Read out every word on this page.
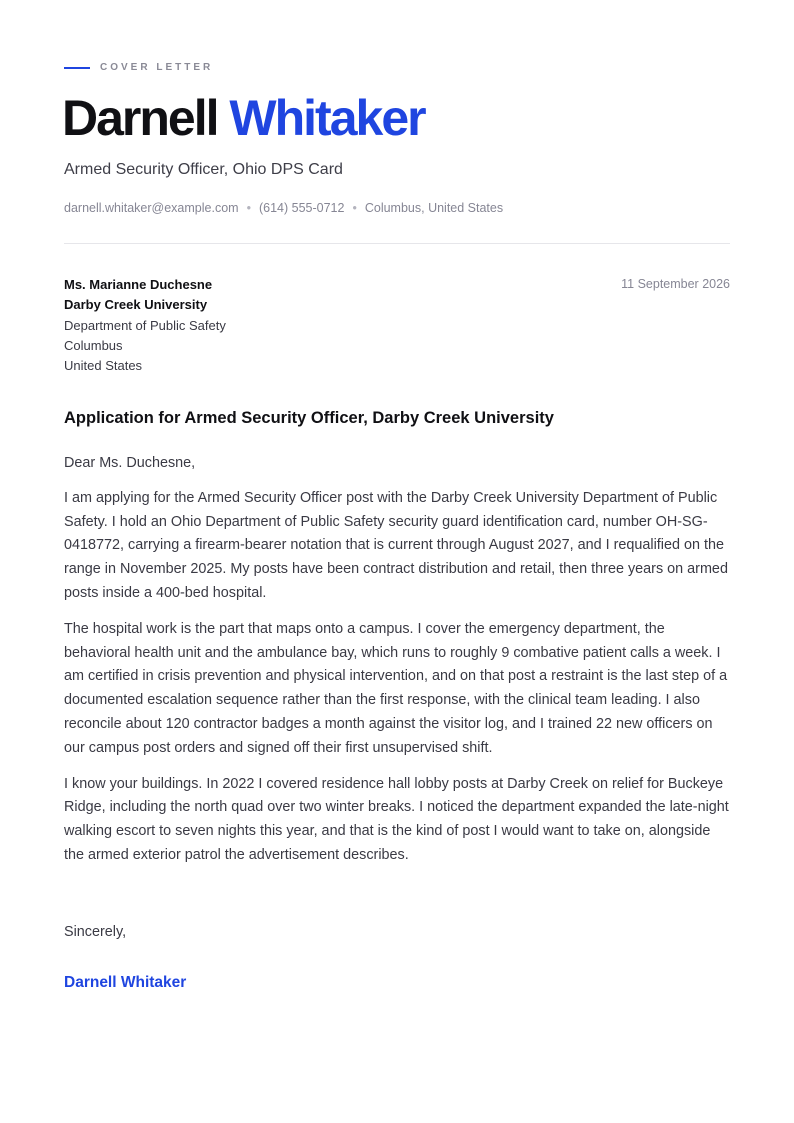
COVER LETTER
Darnell Whitaker
Armed Security Officer, Ohio DPS Card
darnell.whitaker@example.com • (614) 555-0712 • Columbus, United States
11 September 2026
Ms. Marianne Duchesne
Darby Creek University
Department of Public Safety
Columbus
United States
Application for Armed Security Officer, Darby Creek University

Dear Ms. Duchesne,

I am applying for the Armed Security Officer post with the Darby Creek University Department of Public Safety. I hold an Ohio Department of Public Safety security guard identification card, number OH-SG-0418772, carrying a firearm-bearer notation that is current through August 2027, and I requalified on the range in November 2025. My posts have been contract distribution and retail, then three years on armed posts inside a 400-bed hospital.

The hospital work is the part that maps onto a campus. I cover the emergency department, the behavioral health unit and the ambulance bay, which runs to roughly 9 combative patient calls a week. I am certified in crisis prevention and physical intervention, and on that post a restraint is the last step of a documented escalation sequence rather than the first response, with the clinical team leading. I also reconcile about 120 contractor badges a month against the visitor log, and I trained 22 new officers on our campus post orders and signed off their first unsupervised shift.

I know your buildings. In 2022 I covered residence hall lobby posts at Darby Creek on relief for Buckeye Ridge, including the north quad over two winter breaks. I noticed the department expanded the late-night walking escort to seven nights this year, and that is the kind of post I would want to take on, alongside the armed exterior patrol the advertisement describes.

Sincerely,
Darnell Whitaker
